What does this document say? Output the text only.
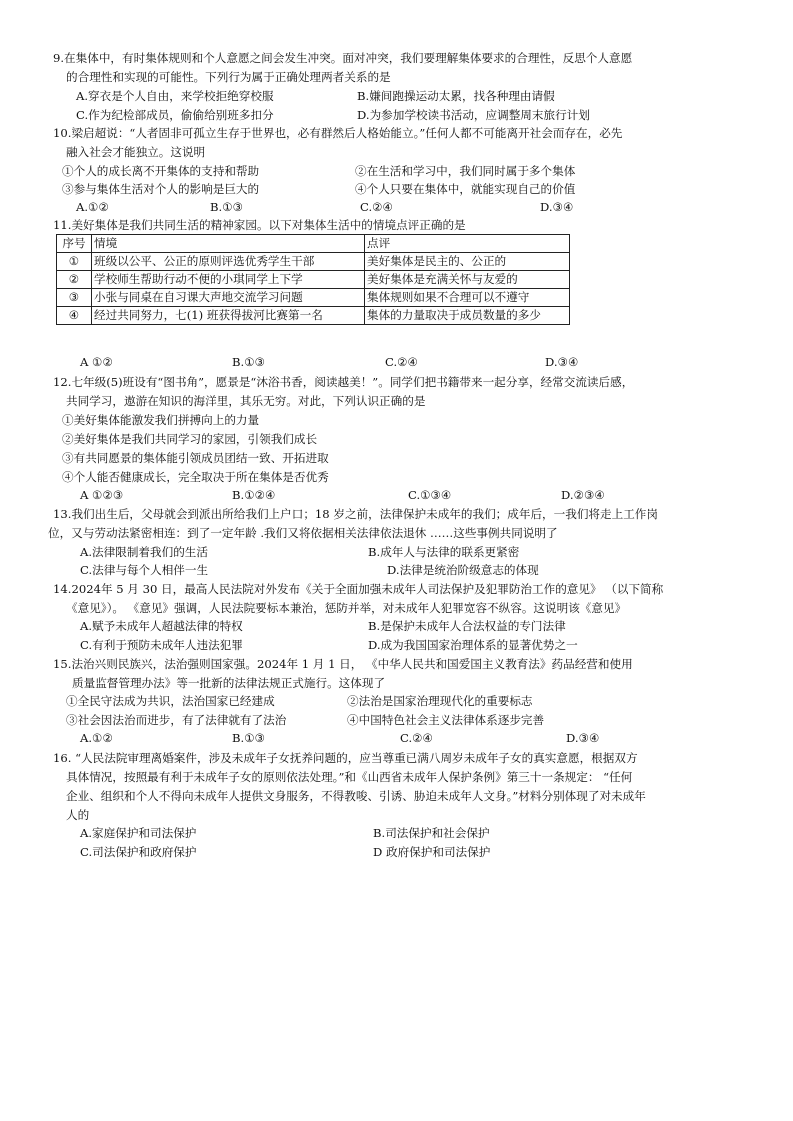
9.在集体中，有时集体规则和个人意愿之间会发生冲突。面对冲突，我们要理解集体要求的合理性，反思个人意愿
的合理性和实现的可能性。下列行为属于正确处理两者关系的是
A.穿衣是个人自由，来学校拒绝穿校服	B.嫌间跑操运动太累，找各种理由请假
C.作为纪检部成员，偷偷给别班多扣分	D.为参加学校读书活动，应调整周末旅行计划
10.梁启超说：“人者固非可孤立生存于世界也，必有群然后人格始能立。”任何人都不可能离开社会而存在，必先
融入社会才能独立。这说明
①个人的成长离不开集体的支持和帮助	②在生活和学习中，我们同时属于多个集体
③参与集体生活对个人的影响是巨大的	④个人只要在集体中，就能实现自己的价值
A.①②	B.①③	C.②④	D.③④
11.美好集体是我们共同生活的精神家园。以下对集体生活中的情境点评正确的是
序号	情境	点评
①	班级以公平、公正的原则评选优秀学生干部	美好集体是民主的、公正的
②	学校师生帮助行动不便的小琪同学上下学	美好集体是充满关怀与友爱的
③	小张与同桌在自习课大声地交流学习问题	集体规则如果不合理可以不遵守
④	经过共同努力，七(1) 班获得拔河比赛第一名	集体的力量取决于成员数量的多少
A ①②	B.①③	C.②④	D.③④
12.七年级(5)班设有“图书角”，愿景是“沐浴书香，阅读越美！”。同学们把书籍带来一起分享，经常交流读后感，
共同学习，遨游在知识的海洋里，其乐无穷。对此，下列认识正确的是
①美好集体能激发我们拼搏向上的力量
②美好集体是我们共同学习的家园，引领我们成长
③有共同愿景的集体能引领成员团结一致、开拓进取
④个人能否健康成长，完全取决于所在集体是否优秀
A ①②③	B.①②④	C.①③④	D.②③④
13.我们出生后，父母就会到派出所给我们上户口；18 岁之前，法律保护未成年的我们；成年后，一我们将走上工作岗
位，又与劳动法紧密相连：到了一定年龄 .我们又将依据相关法律依法退休 ……这些事例共同说明了
A.法律限制着我们的生活	B.成年人与法律的联系更紧密
C.法律与每个人相伴一生	D.法律是统治阶级意志的体现
14.2024年 5 月 30 日，最高人民法院对外发布《关于全面加强未成年人司法保护及犯罪防治工作的意见》 （以下简称
《意见》）。 《意见》强调，人民法院要标本兼治，惩防并举，对未成年人犯罪宽容不纵容。这说明该《意见》
A.赋予未成年人超越法律的特权	B.是保护未成年人合法权益的专门法律
C.有利于预防未成年人违法犯罪	D.成为我国国家治理体系的显著优势之一
15.法治兴则民族兴，法治强则国家强。2024年 1 月 1 日， 《中华人民共和国爱国主义教育法》药品经营和使用
质量监督管理办法》等一批新的法律法规正式施行。这体现了
①全民守法成为共识，法治国家已经建成	②法治是国家治理现代化的重要标志
③社会因法治而进步，有了法律就有了法治	④中国特色社会主义法律体系逐步完善
A.①②	B.①③	C.②④	D.③④
16. “人民法院审理离婚案件，涉及未成年子女抚养问题的，应当尊重已满八周岁未成年子女的真实意愿，根据双方
具体情况，按照最有利于未成年子女的原则依法处理。”和《山西省未成年人保护条例》第三十一条规定： “任何
企业、组织和个人不得向未成年人提供文身服务，不得教唆、引诱、胁迫未成年人文身。”材料分别体现了对未成年
人的
A.家庭保护和司法保护	B.司法保护和社会保护
C.司法保护和政府保护	D 政府保护和司法保护
